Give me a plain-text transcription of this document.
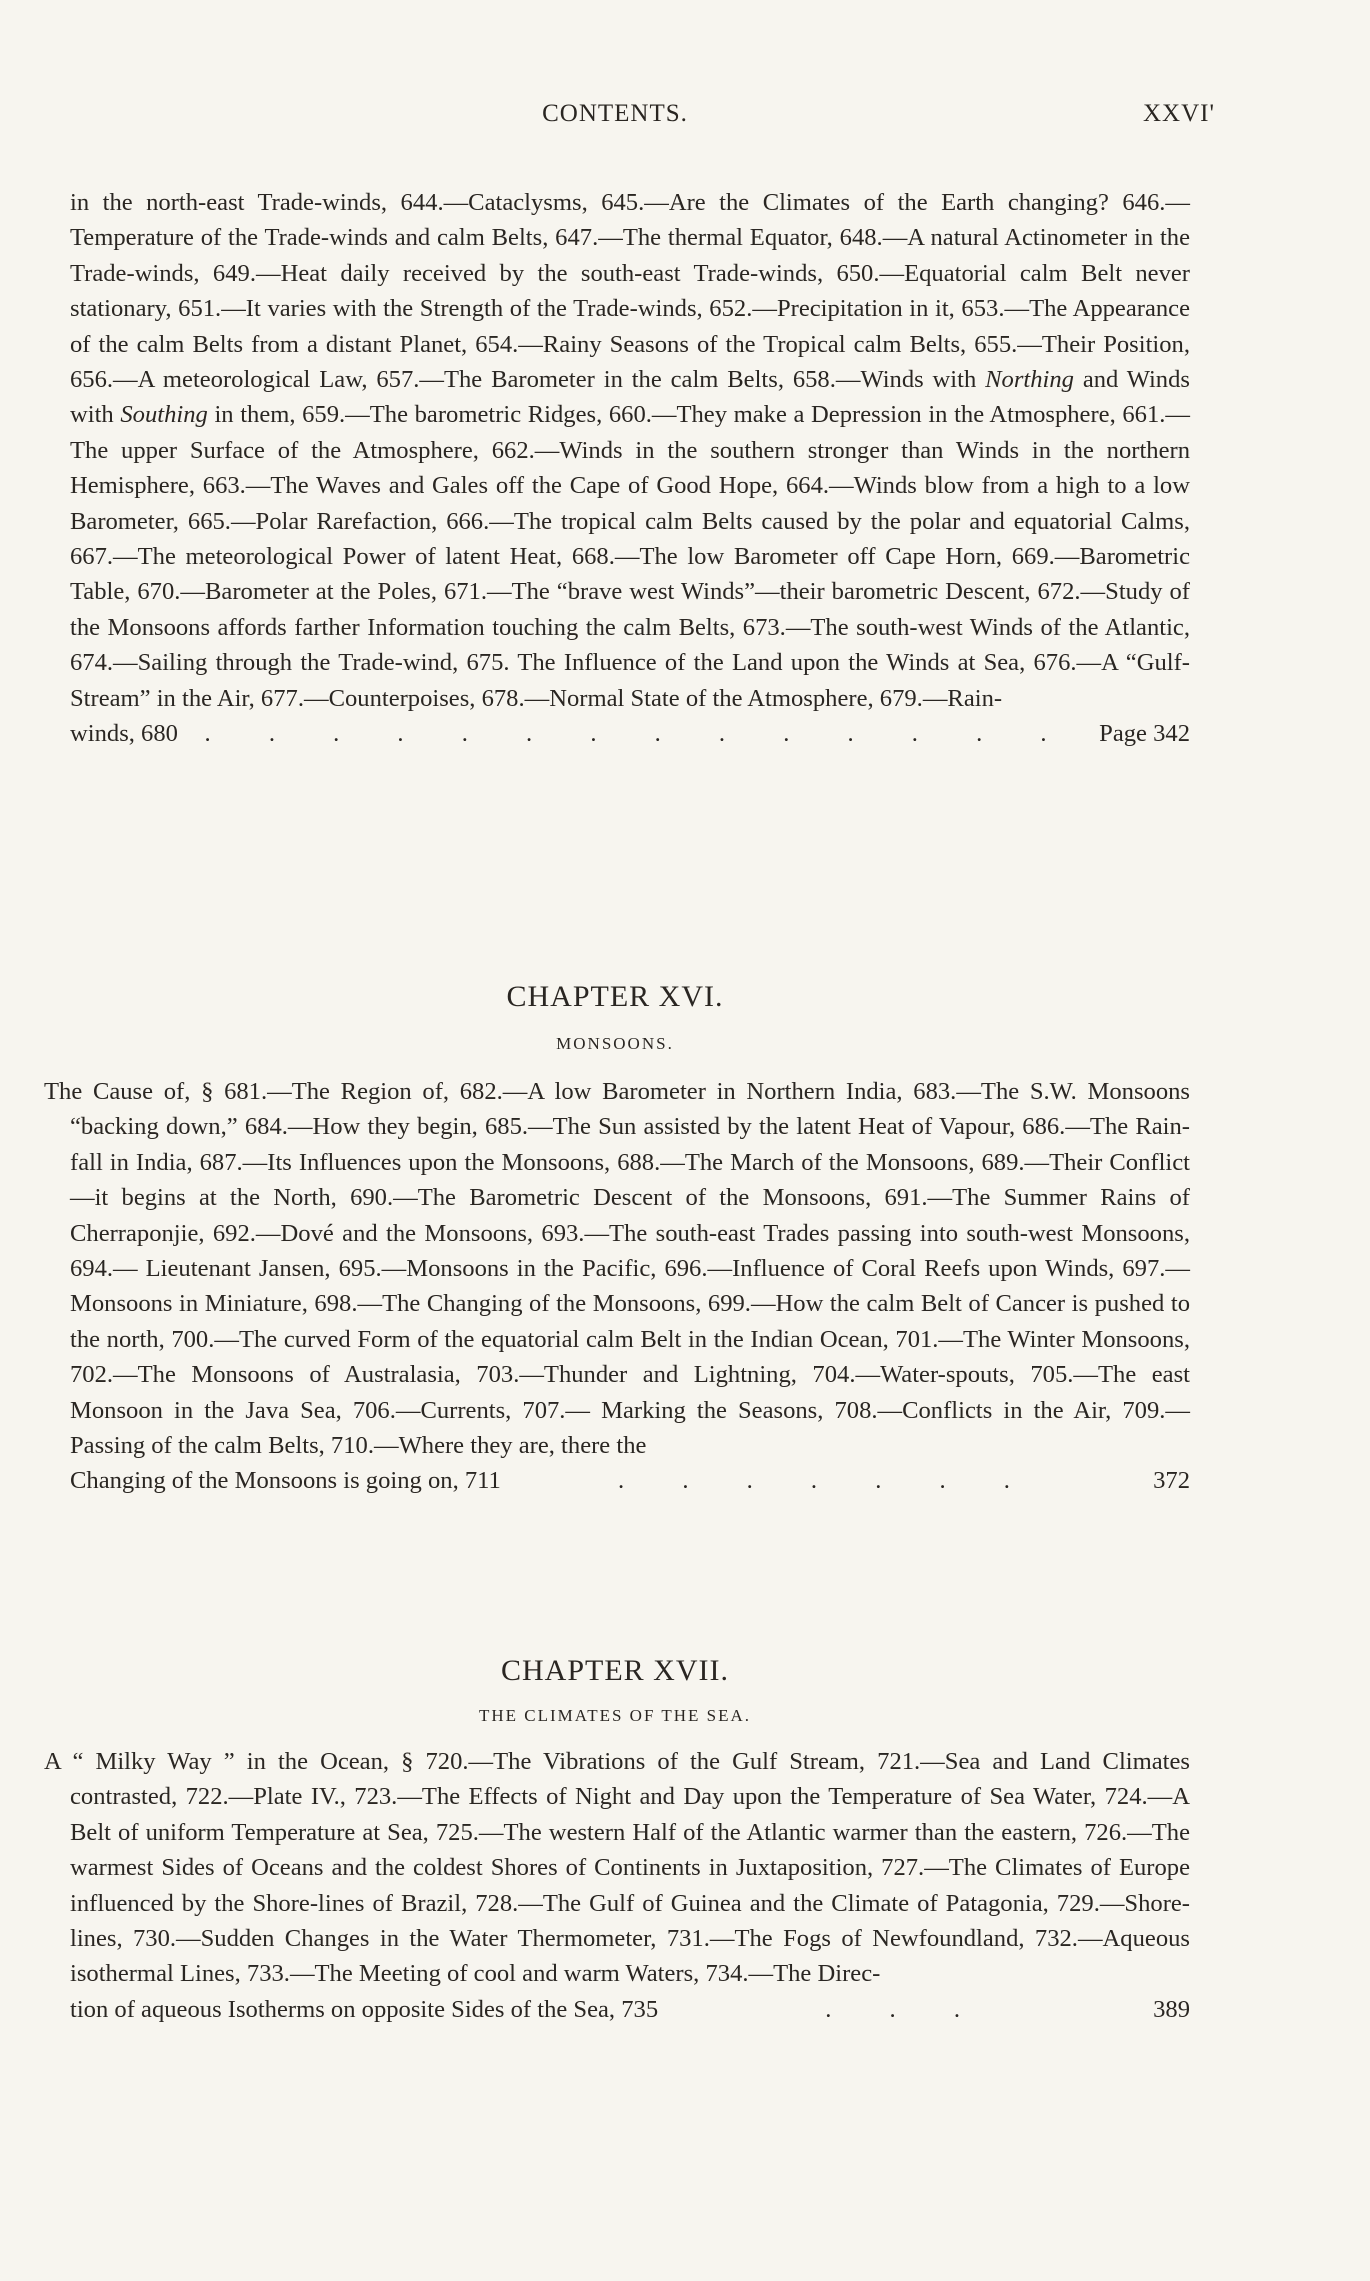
CONTENTS.	XXVI'
in the north-east Trade-winds, 644.—Cataclysms, 645.—Are the Climates of the Earth changing? 646.—Temperature of the Trade-winds and calm Belts, 647.—The thermal Equator, 648.—A natural Actinometer in the Trade-winds, 649.—Heat daily received by the south-east Trade-winds, 650.—Equatorial calm Belt never stationary, 651.—It varies with the Strength of the Trade-winds, 652.—Precipitation in it, 653.—The Appearance of the calm Belts from a distant Planet, 654.—Rainy Seasons of the Tropical calm Belts, 655.—Their Position, 656.—A meteorological Law, 657.—The Barometer in the calm Belts, 658.—Winds with Northing and Winds with Southing in them, 659.—The barometric Ridges, 660.—They make a Depression in the Atmosphere, 661.—The upper Surface of the Atmosphere, 662.—Winds in the southern stronger than Winds in the northern Hemisphere, 663.—The Waves and Gales off the Cape of Good Hope, 664.—Winds blow from a high to a low Barometer, 665.—Polar Rarefaction, 666.—The tropical calm Belts caused by the polar and equatorial Calms, 667.—The meteorological Power of latent Heat, 668.—The low Barometer off Cape Horn, 669.—Barometric Table, 670.—Barometer at the Poles, 671.—The “brave west Winds”—their barometric Descent, 672.—Study of the Monsoons affords farther Information touching the calm Belts, 673.—The south-west Winds of the Atlantic, 674.—Sailing through the Trade-wind, 675. The Influence of the Land upon the Winds at Sea, 676.—A “Gulf-Stream” in the Air, 677.—Counterpoises, 678.—Normal State of the Atmosphere, 679.—Rain-
winds, 680	. . . . . . . . . . . . . .	Page 342
CHAPTER XVI.
MONSOONS.
The Cause of, § 681.—The Region of, 682.—A low Barometer in Northern India, 683.—The S.W. Monsoons “backing down,” 684.—How they begin, 685.—The Sun assisted by the latent Heat of Vapour, 686.—The Rain-fall in India, 687.—Its Influences upon the Monsoons, 688.—The March of the Monsoons, 689.—Their Conflict—it begins at the North, 690.—The Barometric Descent of the Monsoons, 691.—The Summer Rains of Cherraponjie, 692.—Dové and the Monsoons, 693.—The south-east Trades passing into south-west Monsoons, 694.— Lieutenant Jansen, 695.—Monsoons in the Pacific, 696.—Influence of Coral Reefs upon Winds, 697.—Monsoons in Miniature, 698.—The Changing of the Monsoons, 699.—How the calm Belt of Cancer is pushed to the north, 700.—The curved Form of the equatorial calm Belt in the Indian Ocean, 701.—The Winter Monsoons, 702.—The Monsoons of Australasia, 703.—Thunder and Lightning, 704.—Water-spouts, 705.—The east Monsoon in the Java Sea, 706.—Currents, 707.— Marking the Seasons, 708.—Conflicts in the Air, 709.—Passing of the calm Belts, 710.—Where they are, there the
Changing of the Monsoons is going on, 711	. . . . . . .	372
CHAPTER XVII.
THE CLIMATES OF THE SEA.
A “ Milky Way ” in the Ocean, § 720.—The Vibrations of the Gulf Stream, 721.—Sea and Land Climates contrasted, 722.—Plate IV., 723.—The Effects of Night and Day upon the Temperature of Sea Water, 724.—A Belt of uniform Temperature at Sea, 725.—The western Half of the Atlantic warmer than the eastern, 726.—The warmest Sides of Oceans and the coldest Shores of Continents in Juxtaposition, 727.—The Climates of Europe influenced by the Shore-lines of Brazil, 728.—The Gulf of Guinea and the Climate of Patagonia, 729.—Shore-lines, 730.—Sudden Changes in the Water Thermometer, 731.—The Fogs of Newfoundland, 732.—Aqueous isothermal Lines, 733.—The Meeting of cool and warm Waters, 734.—The Direc-
tion of aqueous Isotherms on opposite Sides of the Sea, 735	. . .	389
